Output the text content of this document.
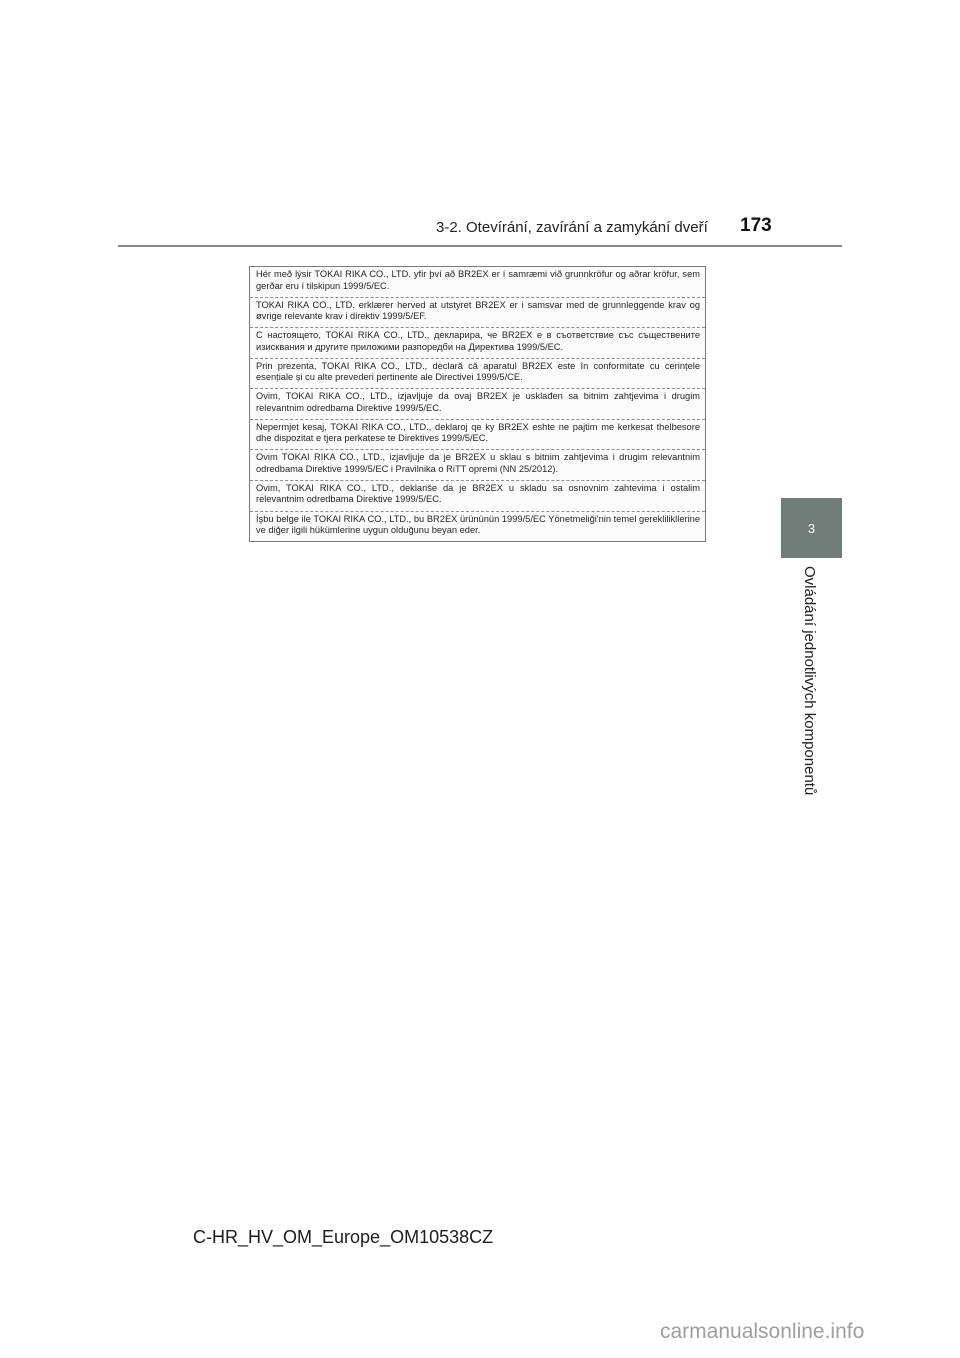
3-2. Otevírání, zavírání a zamykání dveří 173
3
Ovládání jednotlivých komponentů
Hér með lýsir TOKAI RIKA CO., LTD. yfir því að BR2EX er í samræmi við grunnkröfur og aðrar kröfur, sem gerðar eru í tilskipun 1999/5/EC.
TOKAI RIKA CO., LTD. erklærer herved at utstyret BR2EX er i samsvar med de grunnleggende krav og øvrige relevante krav i direktiv 1999/5/EF.
С настоящето, TOKAI RIKA CO., LTD., декларира, че BR2EX е в съответствие със съществените изисквания и другите приложими разпоредби на Директива 1999/5/ЕС.
Prin prezenta, TOKAI RIKA CO., LTD., declară că aparatul BR2EX este în conformitate cu cerințele esențiale și cu alte prevederi pertinente ale Directivei 1999/5/CE.
Ovim, TOKAI RIKA CO., LTD., izjavljuje da ovaj BR2EX je usklađen sa bitnim zahtjevima i drugim relevantnim odredbama Direktive 1999/5/EC.
Nepermjet kesaj, TOKAI RIKA CO., LTD., deklaroj qe ky BR2EX eshte ne pajtim me kerkesat thelbesore dhe dispozitat e tjera perkatese te Direktives 1999/5/EC.
Ovim TOKAI RIKA CO., LTD., izjavljuje da je BR2EX u sklau s bitnim zahtjevima i drugim relevantnim odredbama Direktive 1999/5/EC i Pravilnika o RiTT opremi (NN 25/2012).
Ovim, TOKAI RIKA CO., LTD., deklariše da je BR2EX u skladu sa osnovnim zahtevima i ostalim relevantnim odredbama Direktive 1999/5/EC.
İşbu belge ile TOKAI RIKA CO., LTD., bu BR2EX ürününün 1999/5/EC Yönetmeliği'nin temel gereklilikllerine ve diğer ilgili hükümlerine uygun olduğunu beyan eder.
C-HR_HV_OM_Europe_OM10538CZ
carmanualsonline.info
